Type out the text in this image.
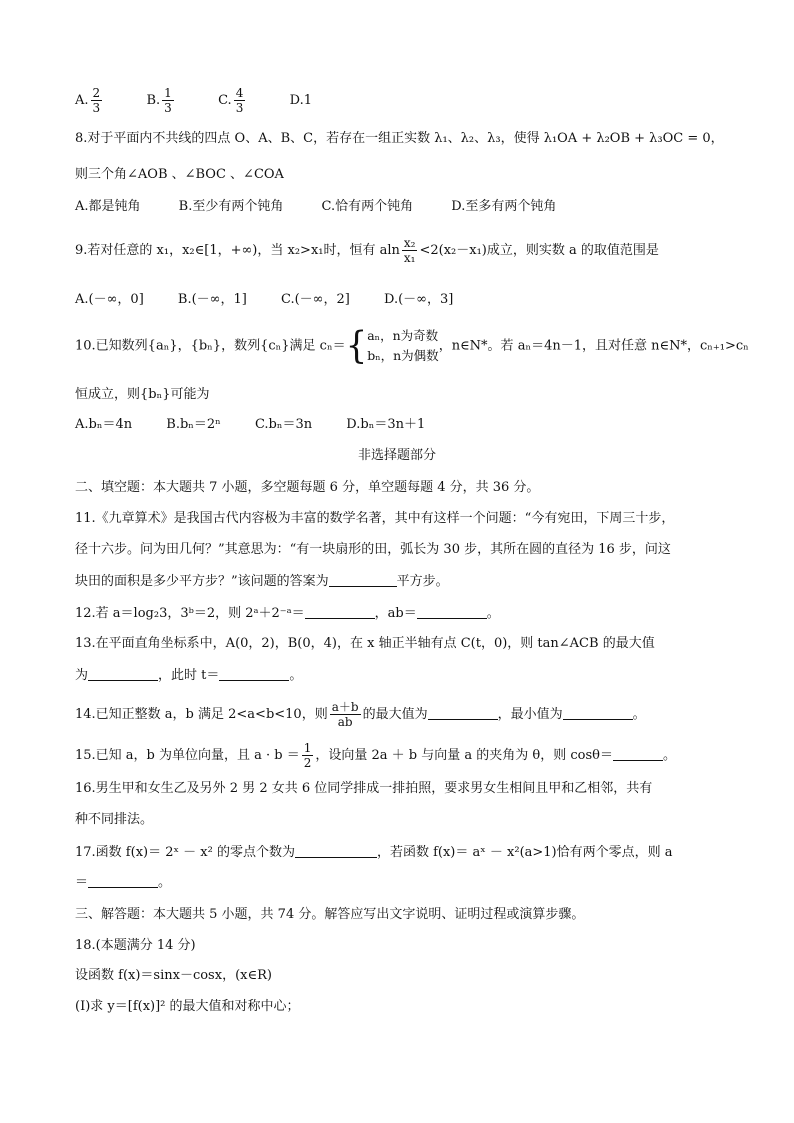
A. $\frac{2}{3}$	B. $\frac{1}{3}$	C. $\frac{4}{3}$	D.1
8.对于平面内不共线的四点 O、A、B、C，若存在一组正实数 λ₁、λ₂、λ₃，使得 λ₁OA + λ₂OB + λ₃OC = 0，
则三个角∠AOB 、∠BOC 、∠COA
A.都是钝角	B.至少有两个钝角	C.恰有两个钝角	D.至多有两个钝角
9.若对任意的 x₁，x₂∈[1，+∞)，当 x₂>x₁时，恒有 aln $\frac{\text{x₂}}{\text{x₁}} <2(x_2-x_1)$成立，则实数 a 的取值范围是
A.(－∞，0]	B.(－∞，1]	C.(－∞，2]	D.(－∞，3]
10.已知数列{aₙ}，{bₙ}，数列{cₙ}满足 cₙ＝{ aₙ，n为奇数
bₙ，n为偶数
，n∈N*。若 aₙ＝4n－1，且对任意 n∈N*，cₙ₊₁>cₙ
恒成立，则{bₙ}可能为
A.bₙ＝4n	B.bₙ＝2ⁿ	C.bₙ＝3n	D.bₙ＝3n＋1
非选择题部分
二、填空题：本大题共 7 小题，多空题每题 6 分，单空题每题 4 分，共 36 分。
11.《九章算术》是我国古代内容极为丰富的数学名著，其中有这样一个问题：“今有宛田，下周三十步，
径十六步。问为田几何？”其意思为：“有一块扇形的田，弧长为 30 步，其所在圆的直径为 16 步，问这
块田的面积是多少平方步？”该问题的答案为	平方步。
12.若 a＝log₂3，3ᵇ＝2，则 2ᵃ＋2⁻ᵃ＝	，ab＝	。
13.在平面直角坐标系中，A(0，2)，B(0，4)，在 x 轴正半轴有点 C(t，0)，则 tan∠ACB 的最大值
为	，此时 t＝	。
14.已知正整数 a，b 满足 2<a<b<10，则 $\frac{a+b}{ab}$ 的最大值为	，最小值为	。
15.已知 a，b 为单位向量，且 $a \cdot b = \frac{1}{2}$ ，设向量 2a ＋ b 与向量 a 的夹角为 θ，则 cosθ＝	。
16.男生甲和女生乙及另外 2 男 2 女共 6 位同学排成一排拍照，要求男女生相间且甲和乙相邻，共有
种不同排法。
17.函数 f(x)＝ 2ˣ － x² 的零点个数为	，若函数 f(x)＝ aˣ － x²(a>1)恰有两个零点，则 a
＝	。
三、解答题：本大题共 5 小题，共 74 分。解答应写出文字说明、证明过程或演算步骤。
18.(本题满分 14 分)
设函数 f(x)＝sinx－cosx，(x∈R)
(I)求 y＝[f(x)]² 的最大值和对称中心；
